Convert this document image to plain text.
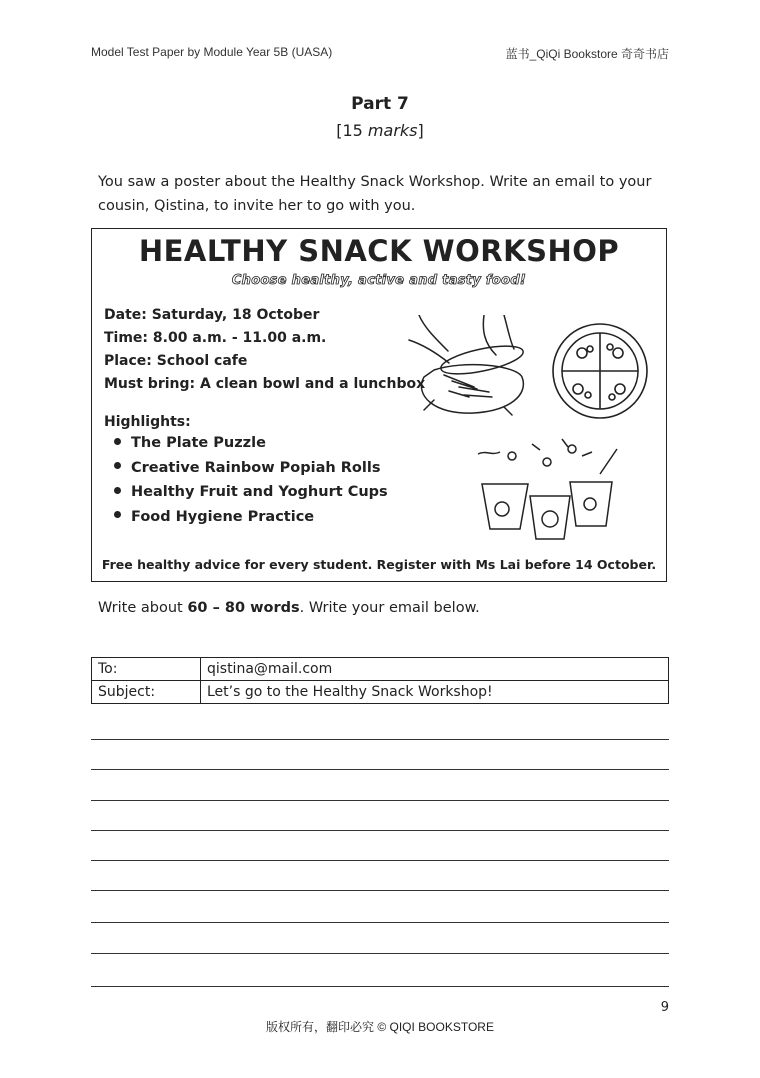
Model Test Paper by Module Year 5B (UASA)	蓝书_QiQi Bookstore 奇奇书店
Part 7
[15 marks]
You saw a poster about the Healthy Snack Workshop. Write an email to your cousin, Qistina, to invite her to go with you.
HEALTHY SNACK WORKSHOP
Choose healthy, active and tasty food!
Date: Saturday, 18 October
Time: 8.00 a.m. - 11.00 a.m.
Place: School cafe
Must bring: A clean bowl and a lunchbox
Highlights:
The Plate Puzzle
Creative Rainbow Popiah Rolls
Healthy Fruit and Yoghurt Cups
Food Hygiene Practice
Free healthy advice for every student. Register with Ms Lai before 14 October.
Write about 60 – 80 words. Write your email below.
To:	qistina@mail.com
Subject:	Let’s go to the Healthy Snack Workshop!
9
版权所有，翻印必究 © QIQI BOOKSTORE
